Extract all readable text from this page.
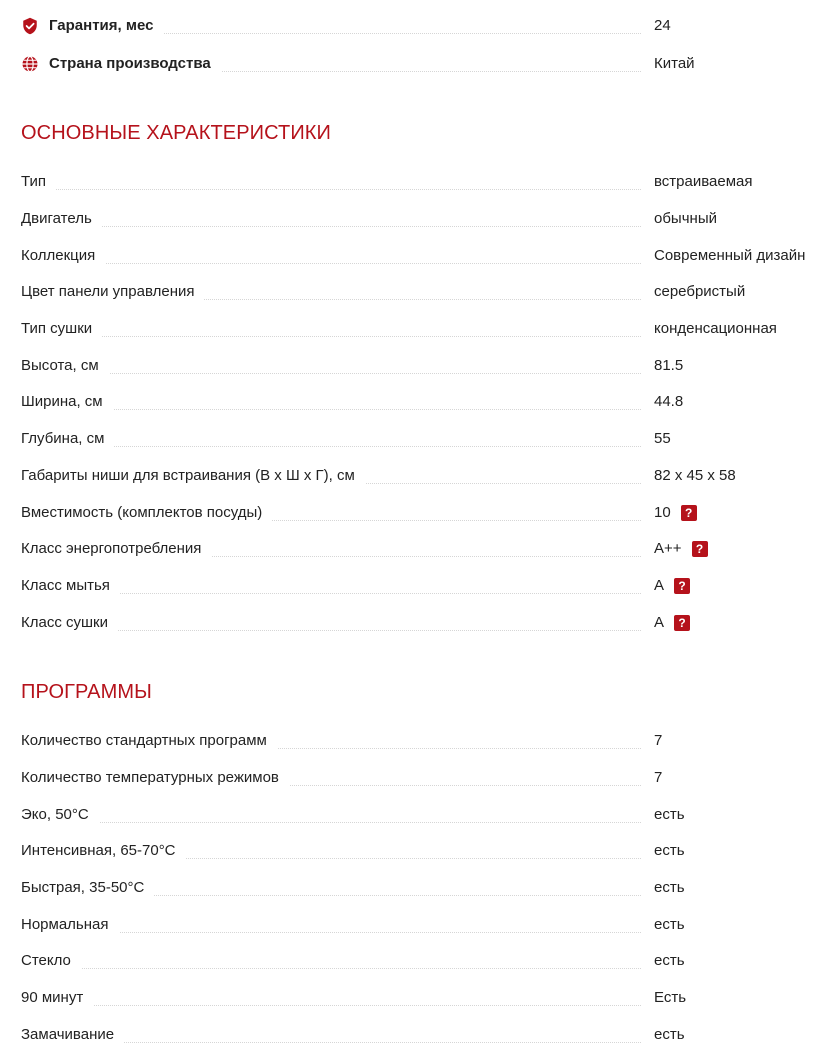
Гарантия, мес	24
Страна производства	Китай
ОСНОВНЫЕ ХАРАКТЕРИСТИКИ
Тип	встраиваемая
Двигатель	обычный
Коллекция	Современный дизайн
Цвет панели управления	серебристый
Тип сушки	конденсационная
Высота, см	81.5
Ширина, см	44.8
Глубина, см	55
Габариты ниши для встраивания (В x Ш x Г), см	82 x 45 x 58
Вместимость (комплектов посуды)	10	?
Класс энергопотребления	A++	?
Класс мытья	A	?
Класс сушки	A	?
ПРОГРАММЫ
Количество стандартных программ	7
Количество температурных режимов	7
Эко, 50°С	есть
Интенсивная, 65-70°С	есть
Быстрая, 35-50°С	есть
Нормальная	есть
Стекло	есть
90 минут	Есть
Замачивание	есть
